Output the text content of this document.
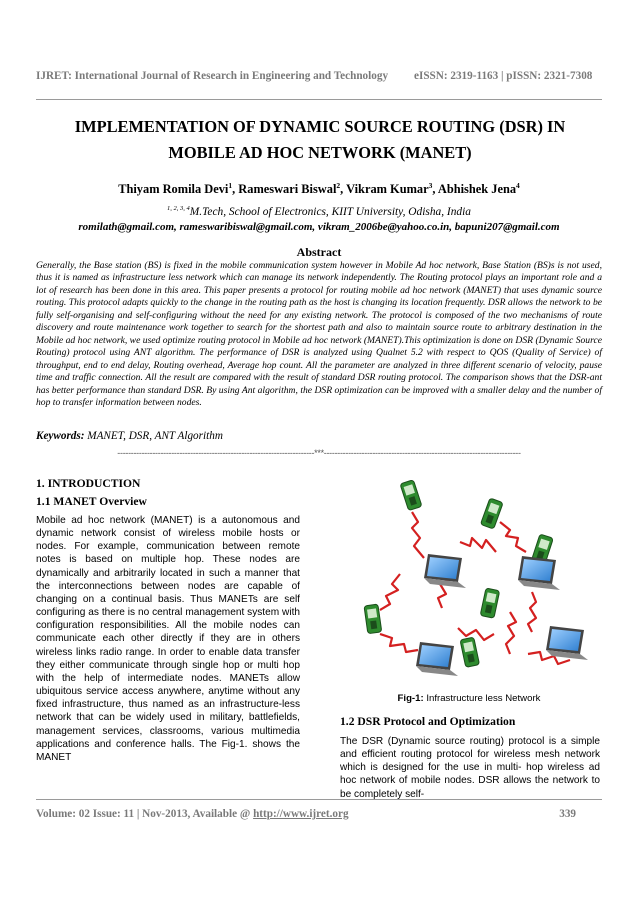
IJRET: International Journal of Research in Engineering and Technology eISSN: 2319-1163 | pISSN: 2321-7308
IMPLEMENTATION OF DYNAMIC SOURCE ROUTING (DSR) IN
MOBILE AD HOC NETWORK (MANET)
Thiyam Romila Devi$^1$, Rameswari Biswal$^2$, Vikram Kumar$^3$, Abhishek Jena$^4$
$^{1, 2, 3, 4}$M.Tech, School of Electronics, KIIT University, Odisha, India
romilath@gmail.com, rameswaribiswal@gmail.com, vikram_2006be@yahoo.co.in, bapuni207@gmail.com
Abstract
Generally, the Base station (BS) is fixed in the mobile communication system however in Mobile Ad hoc network, Base Station (BS)s is not used, thus it is named as infrastructure less network which can manage its network independently. The Routing protocol plays an important role and a lot of research has been done in this area. This paper presents a protocol for routing mobile ad hoc network (MANET) that uses dynamic source routing. This protocol adapts quickly to the change in the routing path as the host is changing its location frequently. DSR allows the network to be fully self-organising and self-configuring without the need for any existing network. The protocol is composed of the two mechanisms of route discovery and route maintenance work together to search for the shortest path and also to maintain source route to arbitrary destination in the Mobile ad hoc network, we used optimize routing protocol in Mobile ad hoc network (MANET).This optimization is done on DSR (Dynamic Source Routing) protocol using ANT algorithm. The performance of DSR is analyzed using Qualnet 5.2 with respect to QOS (Quality of Service) of throughput, end to end delay, Routing overhead, Average hop count. All the parameter are analyzed in three different scenario of velocity, pause time and traffic connection. All the result are compared with the result of standard DSR routing protocol. The comparison shows that the DSR-ant has better performance than standard DSR. By using Ant algorithm, the DSR optimization can be improved with a smaller delay and the number of hop to transfer information between nodes.
Keywords: MANET, DSR, ANT Algorithm
-------------------------------------------------------------------------***-------------------------------------------------------------------------
1. INTRODUCTION
1.1 MANET Overview
Mobile ad hoc network (MANET) is a autonomous and dynamic network consist of wireless mobile hosts or nodes. For example, communication between remote notes is based on multiple hop. These nodes are dynamically and arbitrarily located in such a manner that the interconnections between nodes are capable of changing on a continual basis. Thus MANETs are self configuring as there is no central management system with configuration responsibilities. All the mobile nodes can communicate each other directly if they are in others wireless links radio range. In order to enable data transfer they either communicate through single hop or multi hop with the help of intermediate nodes. MANETs allow ubiquitous service access anywhere, anytime without any fixed infrastructure, thus named as an infrastructure-less network that can be widely used in military, battlefields, management services, classrooms, various multimedia applications and conference halls. The Fig-1. shows the MANET
Fig-1: Infrastructure less Network
1.2 DSR Protocol and Optimization
The DSR (Dynamic source routing) protocol is a simple and efficient routing protocol for wireless mesh network which is designed for the use in multi- hop wireless ad hoc network of mobile nodes. DSR allows the network to be completely self-
Volume: 02 Issue: 11 | Nov-2013, Available @ http://www.ijret.org	339
